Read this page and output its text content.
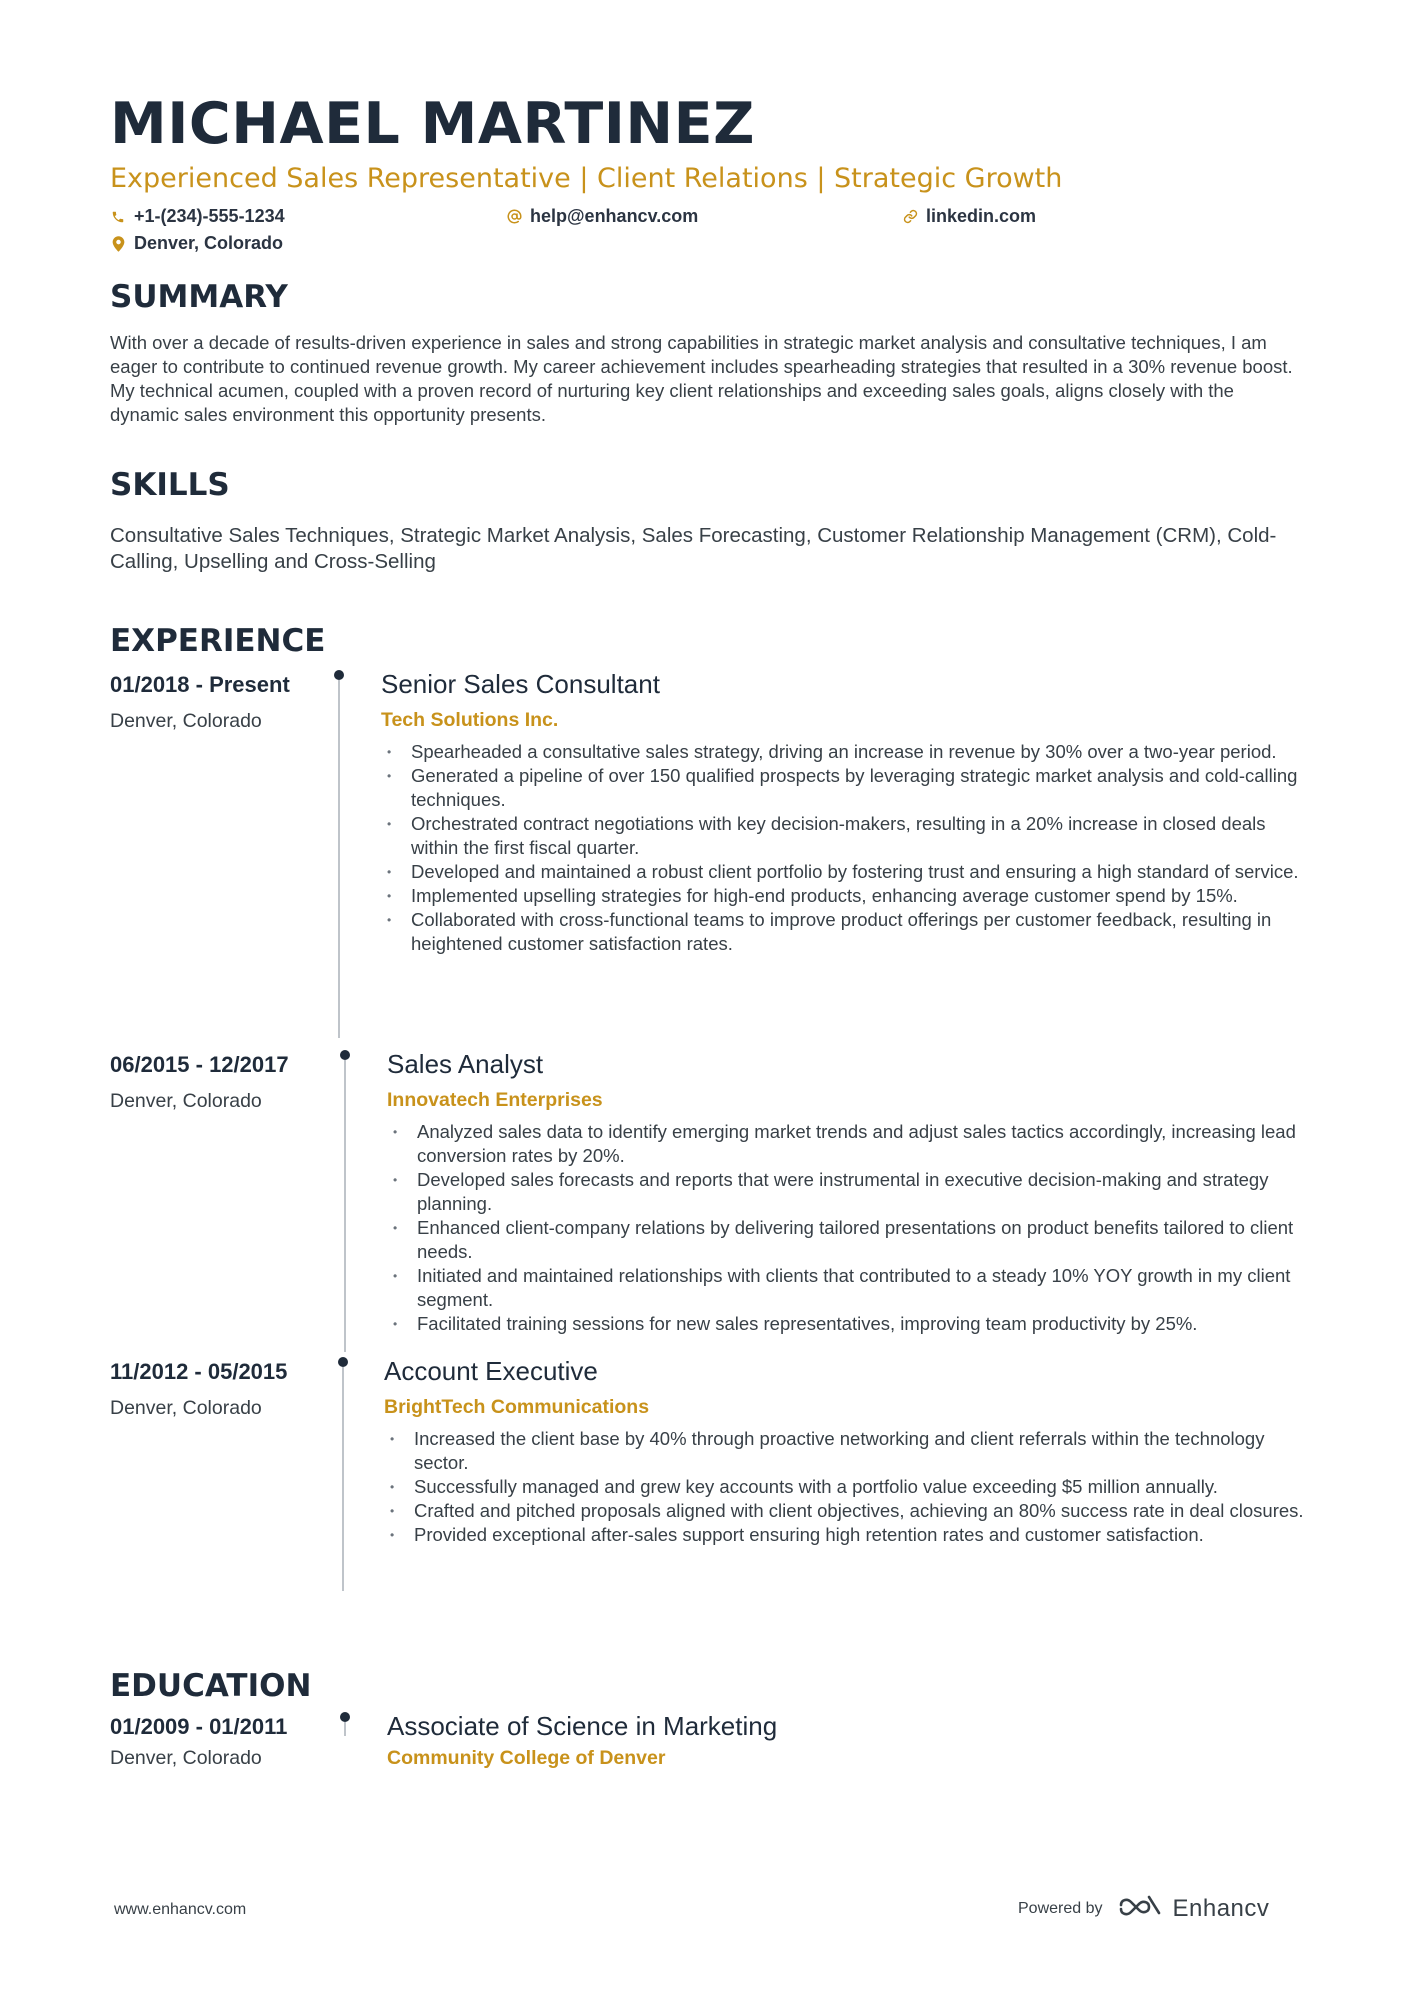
MICHAEL MARTINEZ
Experienced Sales Representative | Client Relations | Strategic Growth
+1-(234)-555-1234	help@enhancv.com	linkedin.com
Denver, Colorado
SUMMARY

With over a decade of results-driven experience in sales and strong capabilities in strategic market analysis and consultative techniques, I am eager to contribute to continued revenue growth. My career achievement includes spearheading strategies that resulted in a 30% revenue boost. My technical acumen, coupled with a proven record of nurturing key client relationships and exceeding sales goals, aligns closely with the dynamic sales environment this opportunity presents.

SKILLS

Consultative Sales Techniques, Strategic Market Analysis, Sales Forecasting, Customer Relationship Management (CRM), Cold-Calling, Upselling and Cross-Selling

EXPERIENCE
01/2018 - Present
Denver, Colorado
Senior Sales Consultant
Tech Solutions Inc.
• Spearheaded a consultative sales strategy, driving an increase in revenue by 30% over a two-year period.
• Generated a pipeline of over 150 qualified prospects by leveraging strategic market analysis and cold-calling techniques.
• Orchestrated contract negotiations with key decision-makers, resulting in a 20% increase in closed deals within the first fiscal quarter.
• Developed and maintained a robust client portfolio by fostering trust and ensuring a high standard of service.
• Implemented upselling strategies for high-end products, enhancing average customer spend by 15%.
• Collaborated with cross-functional teams to improve product offerings per customer feedback, resulting in heightened customer satisfaction rates.
06/2015 - 12/2017
Denver, Colorado
Sales Analyst
Innovatech Enterprises
• Analyzed sales data to identify emerging market trends and adjust sales tactics accordingly, increasing lead conversion rates by 20%.
• Developed sales forecasts and reports that were instrumental in executive decision-making and strategy planning.
• Enhanced client-company relations by delivering tailored presentations on product benefits tailored to client needs.
• Initiated and maintained relationships with clients that contributed to a steady 10% YOY growth in my client segment.
• Facilitated training sessions for new sales representatives, improving team productivity by 25%.
11/2012 - 05/2015
Denver, Colorado
Account Executive
BrightTech Communications
• Increased the client base by 40% through proactive networking and client referrals within the technology sector.
• Successfully managed and grew key accounts with a portfolio value exceeding $5 million annually.
• Crafted and pitched proposals aligned with client objectives, achieving an 80% success rate in deal closures.
• Provided exceptional after-sales support ensuring high retention rates and customer satisfaction.
EDUCATION
01/2009 - 01/2011
Denver, Colorado
Associate of Science in Marketing
Community College of Denver
www.enhancv.com	Powered by	Enhancv
